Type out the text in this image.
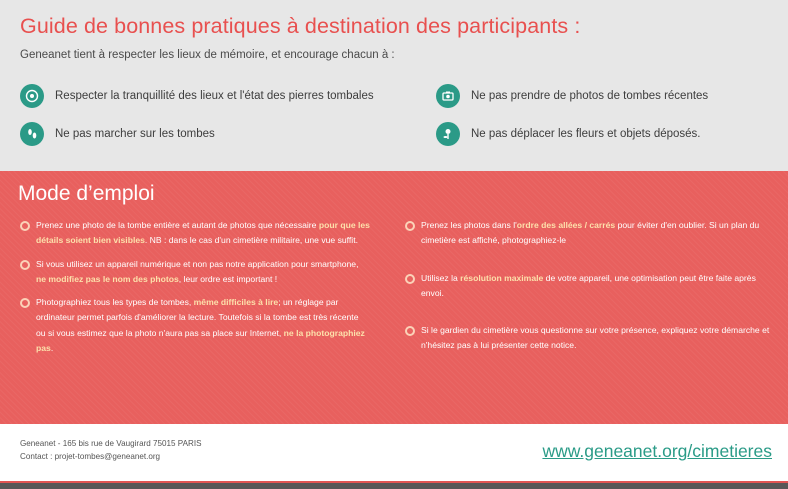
Guide de bonnes pratiques à destination des participants :
Geneanet tient à respecter les lieux de mémoire, et encourage chacun à :
Respecter la tranquillité des lieux et l'état des pierres tombales	Ne pas prendre de photos de tombes récentes
Ne pas marcher sur les tombes	Ne pas déplacer les fleurs et objets déposés.
Mode d’emploi
Prenez une photo de la tombe entière et autant de photos que nécessaire pour que les détails soient bien visibles. NB : dans le cas d'un cimetière militaire, une vue suffit.
Si vous utilisez un appareil numérique et non pas notre application pour smartphone, ne modifiez pas le nom des photos, leur ordre est important !
Photographiez tous les types de tombes, même difficiles à lire; un réglage par ordinateur permet parfois d'améliorer la lecture. Toutefois si la tombe est très récente ou si vous estimez que la photo n'aura pas sa place sur Internet, ne la photographiez pas.
Prenez les photos dans l'ordre des allées / carrés pour éviter d'en oublier. Si un plan du cimetière est affiché, photographiez-le
Utilisez la résolution maximale de votre appareil, une optimisation peut être faite après envoi.
Si le gardien du cimetière vous questionne sur votre présence, expliquez votre démarche et n'hésitez pas à lui présenter cette notice.
Geneanet - 165 bis rue de Vaugirard 75015 PARIS
Contact : projet-tombes@geneanet.org	www.geneanet.org/cimetieres
